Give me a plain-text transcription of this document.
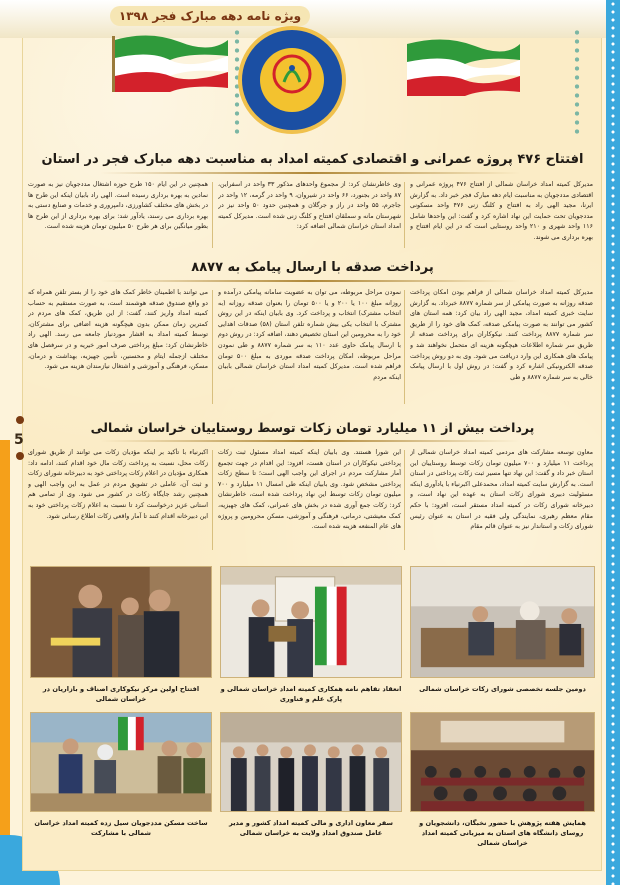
ویژه نامه دهه مبارک فجر ۱۳۹۸
5
افتتاح ۴۷۶ پروژه عمرانی و اقتصادی کمیته امداد به مناسبت دهه مبارک فجر در استان
مدیرکل کمیته امداد خراسان شمالی از افتتاح ۴۷۶ پروژه عمرانی و اقتصادی مددجویان به مناسبت ایام دهه مبارک فجر خبر داد. به گزارش ایرنا، مجید الهی راد به افتتاح و کلنگ زنی ۴۷۶ واحد مسکونی مددجویان تحت حمایت این نهاد اشاره کرد و گفت: این واحدها شامل ۱۱۶ واحد شهری و ۲۱۰ واحد روستایی است که در این ایام افتتاح و بهره برداری می شوند.
وی خاطرنشان کرد: از مجموع واحدهای مذکور ۳۳ واحد در اسفراین، ۸۷ واحد در بجنورد، ۶۶ واحد در شیروان، ۹ واحد در گرمه، ۱۲ واحد در جاجرم، ۵۵ واحد در راز و جرگلان و همچنین حدود ۵۰ واحد نیز در شهرستان مانه و سملقان افتتاح و کلنگ زنی شده است. مدیرکل کمیته امداد استان خراسان شمالی اضافه کرد:
همچنین در این ایام ۱۵۰ طرح حوزه اشتغال مددجویان نیز به صورت نمادین به بهره برداری رسیده است. الهی راد بابیان اینکه این طرح ها در بخش های مختلف کشاورزی، دامپروری و خدمات و صنایع دستی به بهره برداری می رسند، یادآور شد: برای بهره برداری از این طرح ها بطور میانگین برای هر طرح ۵۰ میلیون تومان هزینه شده است.
پرداخت صدقه با ارسال پیامک به ۸۸۷۷
مدیرکل کمیته امداد خراسان شمالی از فراهم بودن امکان پرداخت صدقه روزانه به صورت پیامکی از سر شماره ۸۸۷۷ خبرداد. به گزارش سایت خبری کمیته امداد، مجید الهی راد بیان کرد: همه استان های کشور می توانند به صورت پیامکی صدقه، کمک های خود را از طریق سر شماره ۸۸۷۷ پرداخت کنند. نیکوکاران برای پرداخت صدقه از طریق سر شماره اطلاعات هیچگونه هزینه ای متحمل نخواهند شد و پیامک های همکاری این وارد دریافت می شود. وی به دو روش پرداخت صدقه الکترونیکی اشاره کرد و گفت: در روش اول با ارسال پیامک خالی به سر شماره ۸۸۷۷ و طی
نمودن مراحل مربوطه، می توان به عضویت سامانه پیامکی درآمده و روزانه مبلغ ۱۰۰ یا ۲۰۰ و یا ۵۰۰ تومان را بعنوان صدقه روزانه (به انتخاب مشترک) انتخاب و پرداخت کرد. وی بابیان اینکه در این روش مشترک با انتخاب یکی بیش شماره تلفن استان (۵۸) صدقات اهدایی خود را به محرومین این استان تخصیص دهند، اضافه کرد: در روش دوم با ارسال پیامک حاوی عدد ۱۱۰ به سر شماره ۸۸۷۷ و طی نمودن مراحل مربوطه، امکان پرداخت صدقه موردی به مبلغ ۵۰۰ تومان فراهم شده است. مدیرکل کمیته امداد استان خراسان شمالی بابیان اینکه مردم
می توانند با اطمینان خاطر کمک های خود را از بستر تلفن همراه که دو واقع صندوق صدقه هوشمند است، به صورت مستقیم به حساب کمیته امداد واریز کنند، گفت: از این طریق، کمک های مردم در کمترین زمان ممکن بدون هیچگونه هزینه اضافی برای مشترکان، توسط کمیته امداد به اقشار موردنیاز جامعه می رسد. الهی راد خاطرنشان کرد: مبلغ پرداختی صرف امور خیریه و در سرفصل های مختلف ازجمله ایتام و محسنین، تأمین جهیزیه، بهداشت و درمان، مسکن، فرهنگی و آموزشی و اشتغال نیازمندان هزینه می شود.
پرداخت بیش از ۱۱ میلیارد تومان زکات توسط روستاییان خراسان شمالی
معاون توسعه مشارکت های مردمی کمیته امداد خراسان شمالی از پرداخت ۱۱ میلیارد و ۷۰۰ میلیون تومان زکات توسط روستاییان این استان خبر داد و گفت: این نهاد تنها مسیر ثبت زکات پرداختی در استان است. به گزارش سایت کمیته امداد، محمدعلی اکبرنیاء با یادآوری اینکه مسئولیت دبیری شورای زکات استان به عهده این نهاد است، و دبیرخانه شورای زکات در کمیته امداد مستقر است، افزود: با حکم مقام معظم رهبری، نمایندگی ولی فقیه در استان به عنوان رئیس شورای زکات و استاندار نیز به عنوان قائم مقام
این شورا هستند. وی بابیان اینکه کمیته امداد مسئول ثبت زکات پرداختی نیکوکاران در استان هست، افزود: این اقدام در جهت تجمیع آمار مشارکت مردم در اجرای این واجب الهی است؛ تا سطح زکات پرداختی مشخص شود. وی بابیان اینکه طی امسال ۱۱ میلیارد و ۷۰۰ میلیون تومان زکات توسط این نهاد پرداخت شده است، خاطرنشان کرد: زکات جمع آوری شده در بخش های عمرانی، کمک های جهیزیه، کمک معیشتی، درمانی، فرهنگی و آموزشی، مسکن محرومین و پروژه های عام المنفعه هزینه شده است.
اکبرنیاء با تأکید بر اینکه مؤدیان زکات می توانند از طریق شورای زکات محل، نسبت به پرداخت زکات مال خود اقدام کنند، ادامه داد: همکاری مؤدیان در اعلام زکات پرداختی خود به دبیرخانه شورای زکات و ثبت آن، عاملی در تشویق مردم در عمل به این واجب الهی و همچنین رشد جایگاه زکات در کشور می شود. وی از تمامی هم استانی عزیز درخواست کرد تا نسبت به اعلام زکات پرداختی خود به این دبیرخانه اقدام کنند تا آمار واقعی زکات اطلاع رسانی شود.
دومین جلسه تخصصی شورای زکات خراسان شمالی
انعقاد تفاهم نامه همکاری کمیته امداد خراسان شمالی و پارک علم و فناوری
افتتاح اولین مرکز نیکوکاری اصناف و بازاریان در خراسان شمالی
همایش هفته پژوهش با حضور نخبگان، دانشجویان و روسای دانشگاه های استان به میزبانی کمیته امداد خراسان شمالی
سفر معاون اداری و مالی کمیته امداد کشور و مدیر عامل صندوق امداد ولایت به خراسان شمالی
ساخت مسکن مددجویان سیل زده کمیته امداد خراسان شمالی با مشارکت
